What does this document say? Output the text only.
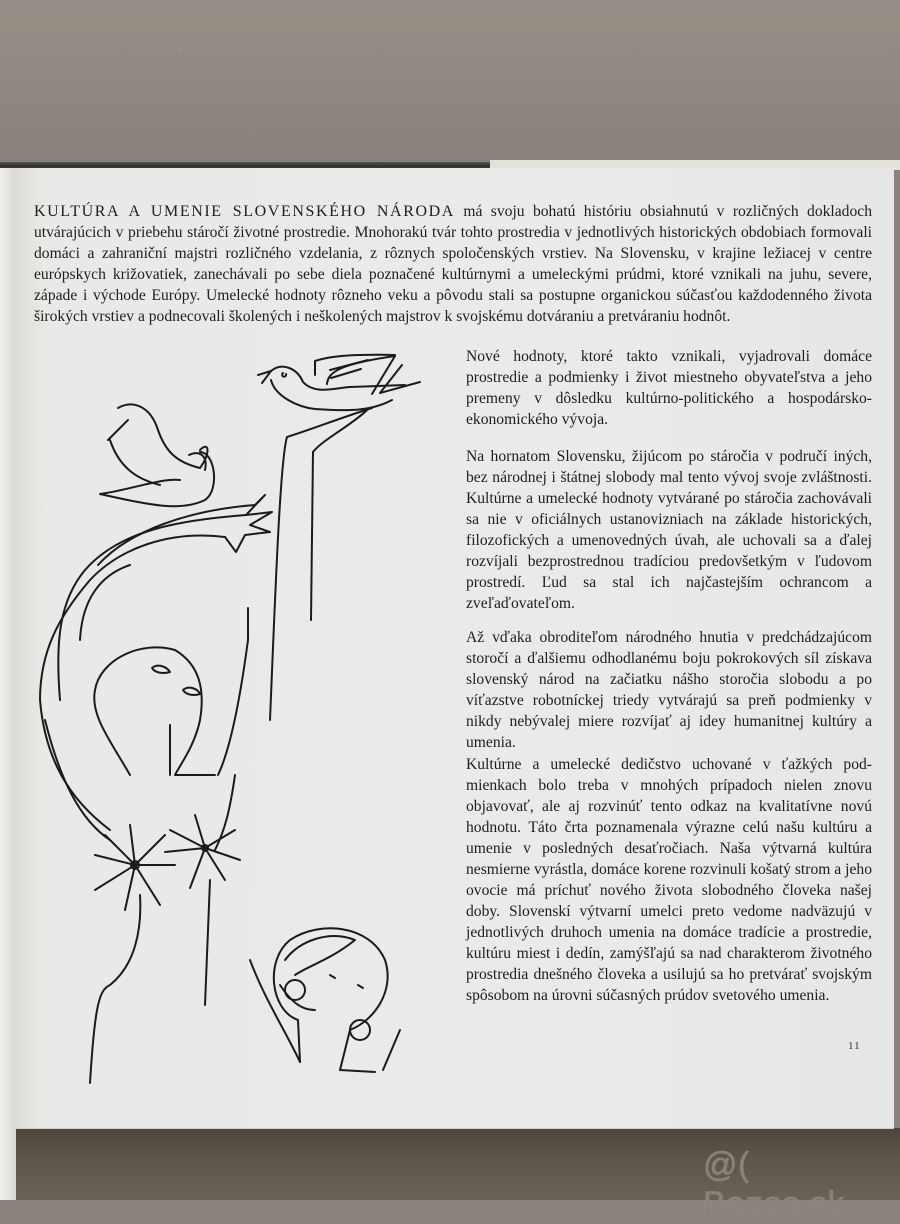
KULTÚRA A UMENIE SLOVENSKÉHO NÁRODA má svoju bohatú históriu obsiahnutú v rozličných dokladoch utvárajúcich v priebehu stáročí životné prostredie. Mnohorakú tvár tohto prostredia v jednotlivých historických obdobiach formovali domáci a zahraniční majstri rozličného vzdelania, z rôznych spoločenských vrstiev. Na Slovensku, v krajine ležiacej v centre európskych križovatiek, zanechávali po sebe diela poznačené kultúrnymi a umeleckými prúdmi, ktoré vznikali na juhu, severe, západe i východe Európy. Umelecké hodnoty rôzneho veku a pôvodu stali sa postupne organickou súčasťou každodenného života širokých vrstiev a podnecovali školených i neškolených majstrov k svojskému dotváraniu a pretváraniu hodnôt.

Nové hodnoty, ktoré takto vznikali, vyjadrovali domáce prostredie a podmienky i život miestneho obyvateľstva a jeho premeny v dôsledku kultúrno-politického a hospodársko-ekonomického vývoja.

Na hornatom Slovensku, žijúcom po stáročia v područí iných, bez národnej i štátnej slobody mal tento vývoj svoje zvláštnosti. Kultúrne a umelecké hodnoty vytvárané po stáročia zachovávali sa nie v oficiálnych ustanovizniach na základe historických, filozofických a umenovedných úvah, ale uchovali sa a ďalej rozvíjali bezprostrednou tradíciou predovšetkým v ľudovom prostredí. Ľud sa stal ich najčastejším ochrancom a zveľaďovateľom.

Až vďaka obroditeľom národného hnutia v predchádzajúcom storočí a ďalšiemu odhodlanému boju pokrokových síl získava slovenský národ na začiatku nášho storočia slobodu a po víťazstve robotníckej triedy vytvárajú sa preň podmienky v nikdy nebývalej miere rozvíjať aj idey humanitnej kultúry a umenia.

Kultúrne a umelecké dedičstvo uchované v ťažkých podmienkach bolo treba v mnohých prípadoch nielen znovu objavovať, ale aj rozvinúť tento odkaz na kvalitatívne novú hodnotu. Táto črta poznamenala výrazne celú našu kultúru a umenie v posledných desaťročiach. Naša výtvarná kultúra nesmierne vyrástla, domáce korene rozvinuli košatý strom a jeho ovocie má príchuť nového života slobodného človeka našej doby. Slovenskí výtvarní umelci preto vedome nadväzujú v jednotlivých druhoch umenia na domáce tradície a prostredie, kultúru miest i dedín, zamýšľajú sa nad charakterom životného prostredia dnešného človeka a usilujú sa ho pretvárať svojským spôsobom na úrovni súčasných prúdov svetového umenia.

11
@( Bazos.sk
